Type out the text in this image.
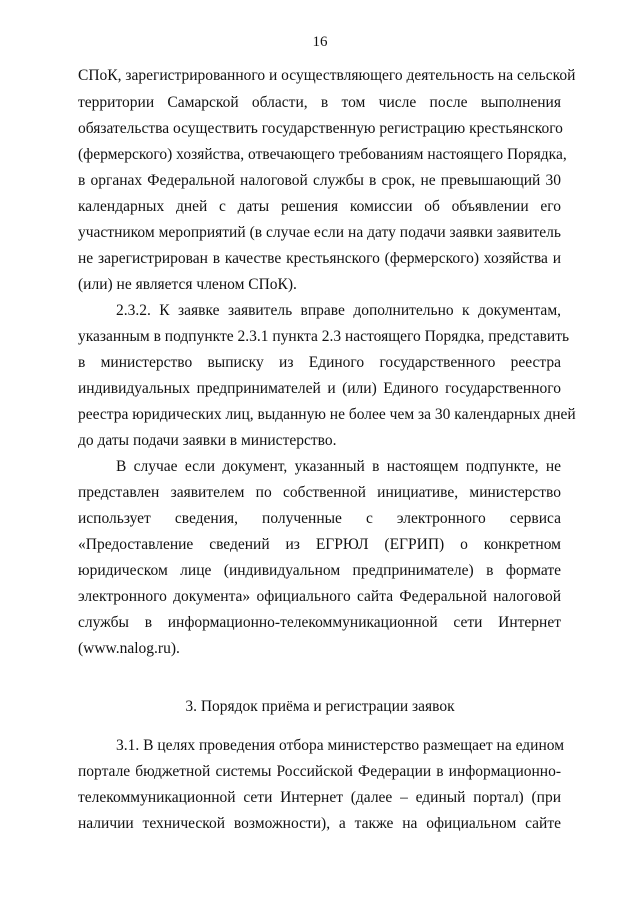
16
СПоК, зарегистрированного и осуществляющего деятельность на сельской
территории Самарской области, в том числе после выполнения
обязательства осуществить государственную регистрацию крестьянского
(фермерского) хозяйства, отвечающего требованиям настоящего Порядка,
в органах Федеральной налоговой службы в срок, не превышающий 30
календарных дней с даты решения комиссии об объявлении его
участником мероприятий (в случае если на дату подачи заявки заявитель
не зарегистрирован в качестве крестьянского (фермерского) хозяйства и
(или) не является членом СПоК).
2.3.2. К заявке заявитель вправе дополнительно к документам,
указанным в подпункте 2.3.1 пункта 2.3 настоящего Порядка, представить
в министерство выписку из Единого государственного реестра
индивидуальных предпринимателей и (или) Единого государственного
реестра юридических лиц, выданную не более чем за 30 календарных дней
до даты подачи заявки в министерство.
В случае если документ, указанный в настоящем подпункте, не
представлен заявителем по собственной инициативе, министерство
использует сведения, полученные с электронного сервиса
«Предоставление сведений из ЕГРЮЛ (ЕГРИП) о конкретном
юридическом лице (индивидуальном предпринимателе) в формате
электронного документа» официального сайта Федеральной налоговой
службы в информационно-телекоммуникационной сети Интернет
(www.nalog.ru).
3. Порядок приёма и регистрации заявок
3.1. В целях проведения отбора министерство размещает на едином
портале бюджетной системы Российской Федерации в информационно-
телекоммуникационной сети Интернет (далее – единый портал) (при
наличии технической возможности), а также на официальном сайте
